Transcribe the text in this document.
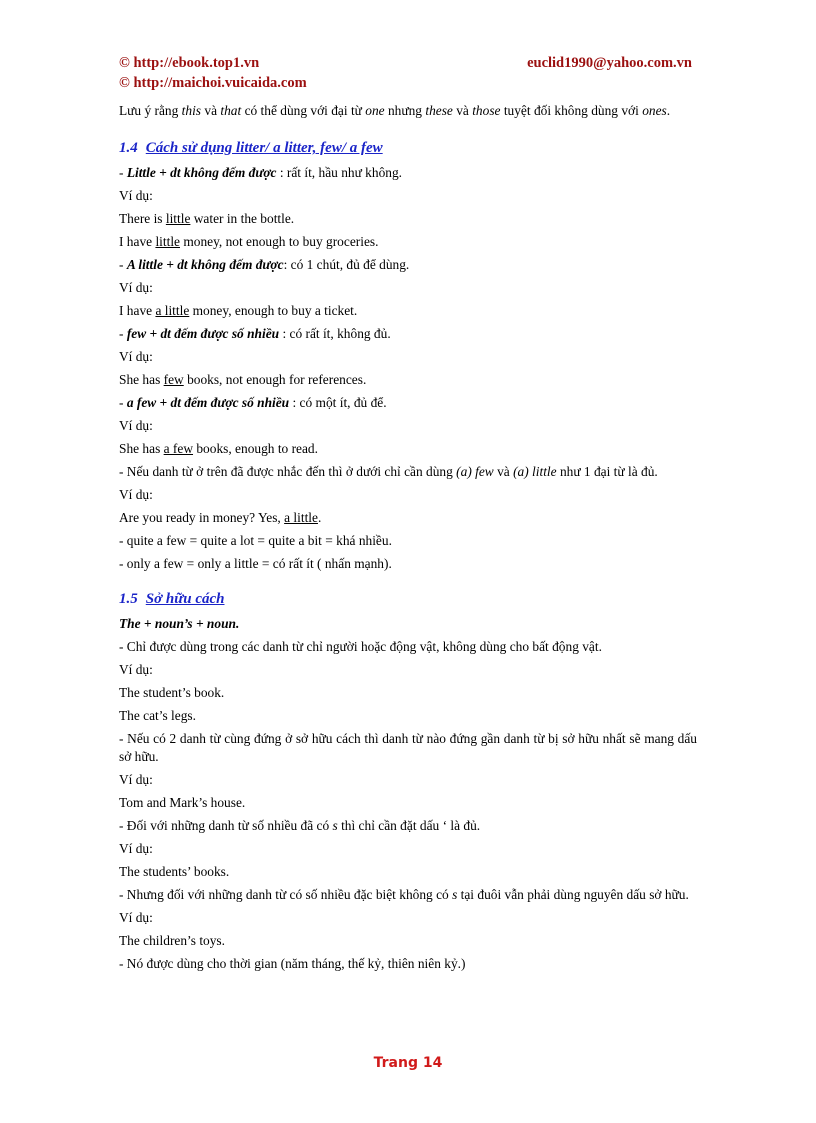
© http://ebook.top1.vn
© http://maichoi.vuicaida.com
euclid1990@yahoo.com.vn

Lưu ý rằng this và that có thể dùng với đại từ one nhưng these và those tuyệt đối không dùng với ones.

1.4 Cách sử dụng litter/ a litter, few/ a few

- Little + dt không đếm được : rất ít, hầu như không.

Ví dụ:

There is little water in the bottle.

I have little money, not enough to buy groceries.

- A little + dt không đếm được: có 1 chút, đủ để dùng.

Ví dụ:

I have a little money, enough to buy a ticket.

- few + dt đếm được số nhiều : có rất ít, không đủ.

Ví dụ:

She has few books, not enough for references.

- a few + dt đếm được số nhiều : có một ít, đủ để.

Ví dụ:

She has a few books, enough to read.

- Nếu danh từ ở trên đã được nhắc đến thì ở dưới chỉ cần dùng (a) few và (a) little như 1 đại từ là đủ.

Ví dụ:

Are you ready in money? Yes, a little.

- quite a few = quite a lot = quite a bit = khá nhiều.

- only a few = only a little = có rất ít ( nhấn mạnh).

1.5 Sở hữu cách

The + noun’s + noun.

- Chỉ được dùng trong các danh từ chỉ người hoặc động vật, không dùng cho bất động vật.

Ví dụ:

The student’s book.

The cat’s legs.

- Nếu có 2 danh từ cùng đứng ở sở hữu cách thì danh từ nào đứng gần danh từ bị sở hữu nhất sẽ mang dấu sở hữu.

Ví dụ:

Tom and Mark’s house.

- Đối với những danh từ số nhiều đã có s thì chỉ cần đặt dấu ‘ là đủ.

Ví dụ:

The students’ books.

- Nhưng đối với những danh từ có số nhiều đặc biệt không có s tại đuôi vẫn phải dùng nguyên dấu sở hữu.

Ví dụ:

The children’s toys.

- Nó được dùng cho thời gian (năm tháng, thế kỷ, thiên niên kỷ.)

Trang 14
